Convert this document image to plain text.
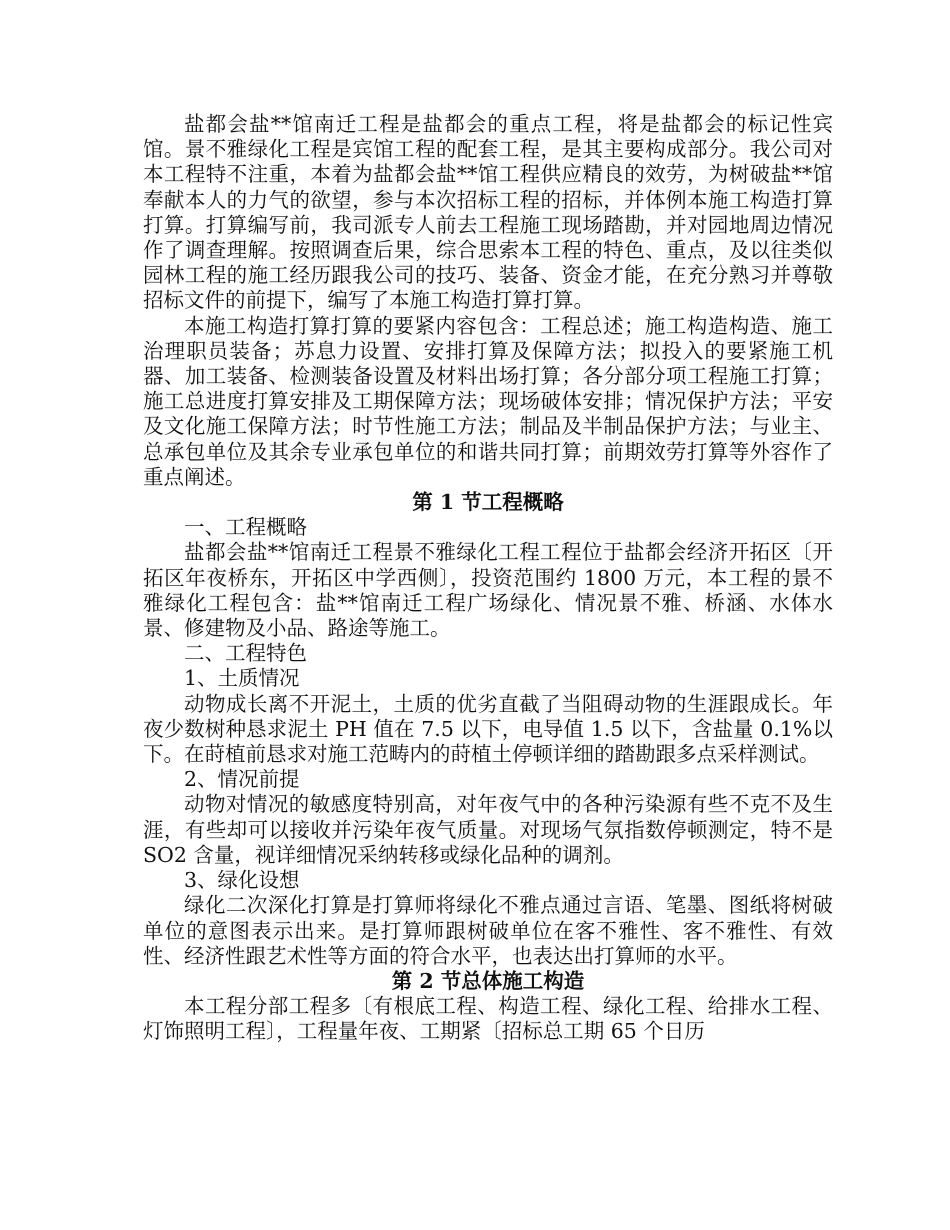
盐都会盐**馆南迁工程是盐都会的重点工程，将是盐都会的标记性宾馆。景不雅绿化工程是宾馆工程的配套工程，是其主要构成部分。我公司对本工程特不注重，本着为盐都会盐**馆工程供应精良的效劳，为树破盐**馆奉献本人的力气的欲望，参与本次招标工程的招标，并体例本施工构造打算打算。打算编写前，我司派专人前去工程施工现场踏勘，并对园地周边情况作了调查理解。按照调查后果，综合思索本工程的特色、重点，及以往类似园林工程的施工经历跟我公司的技巧、装备、资金才能，在充分熟习并尊敬招标文件的前提下，编写了本施工构造打算打算。

本施工构造打算打算的要紧内容包含：工程总述；施工构造构造、施工治理职员装备；苏息力设置、安排打算及保障方法；拟投入的要紧施工机器、加工装备、检测装备设置及材料出场打算；各分部分项工程施工打算；施工总进度打算安排及工期保障方法；现场破体安排；情况保护方法；平安及文化施工保障方法；时节性施工方法；制品及半制品保护方法；与业主、总承包单位及其余专业承包单位的和谐共同打算；前期效劳打算等外容作了重点阐述。

第 1 节工程概略

一、工程概略

盐都会盐**馆南迁工程景不雅绿化工程工程位于盐都会经济开拓区〔开拓区年夜桥东，开拓区中学西侧〕，投资范围约 1800 万元，本工程的景不雅绿化工程包含：盐**馆南迁工程广场绿化、情况景不雅、桥涵、水体水景、修建物及小品、路途等施工。

二、工程特色

1、土质情况

动物成长离不开泥土，土质的优劣直截了当阻碍动物的生涯跟成长。年夜少数树种恳求泥土 PH 值在 7.5 以下，电导值 1.5 以下，含盐量 0.1%以下。在莳植前恳求对施工范畴内的莳植土停顿详细的踏勘跟多点采样测试。

2、情况前提

动物对情况的敏感度特别高，对年夜气中的各种污染源有些不克不及生涯，有些却可以接收并污染年夜气质量。对现场气氛指数停顿测定，特不是 SO2 含量，视详细情况采纳转移或绿化品种的调剂。

3、绿化设想

绿化二次深化打算是打算师将绿化不雅点通过言语、笔墨、图纸将树破单位的意图表示出来。是打算师跟树破单位在客不雅性、客不雅性、有效性、经济性跟艺术性等方面的符合水平，也表达出打算师的水平。

第 2 节总体施工构造

本工程分部工程多〔有根底工程、构造工程、绿化工程、给排水工程、灯饰照明工程〕，工程量年夜、工期紧〔招标总工期 65 个日历
